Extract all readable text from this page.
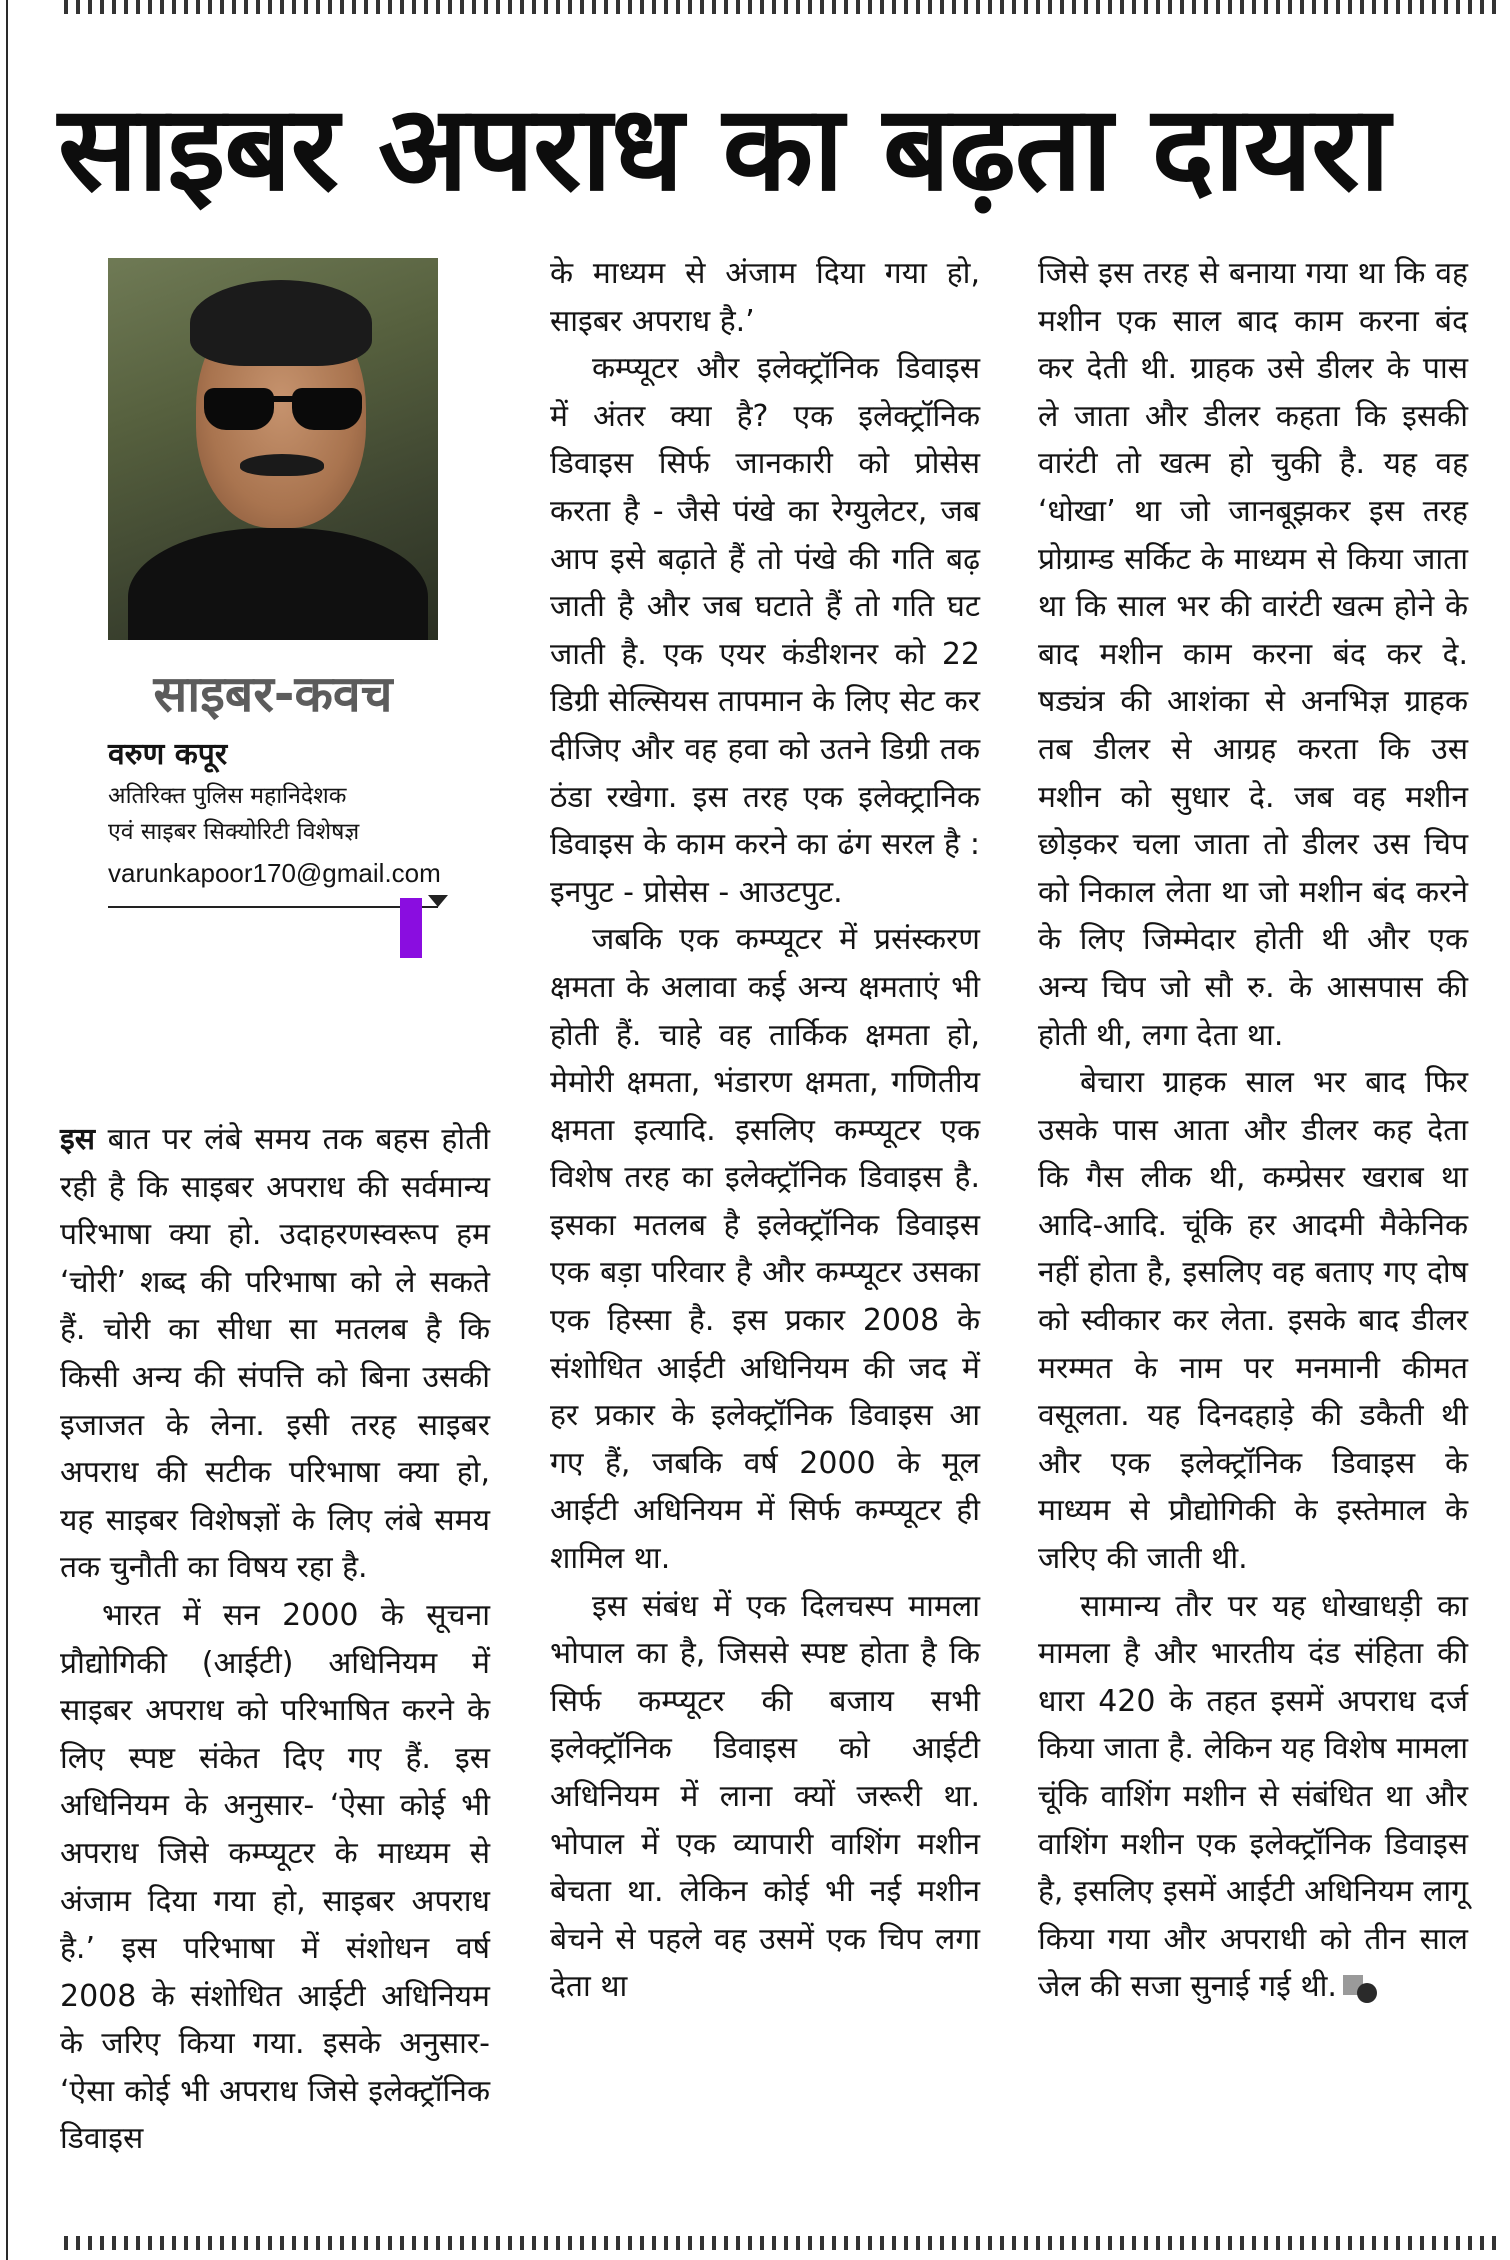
साइबर अपराध का बढ़ता दायरा
साइबर-कवच
वरुण कपूर
अतिरिक्त पुलिस महानिदेशक
एवं साइबर सिक्योरिटी विशेषज्ञ
varunkapoor170@gmail.com

इस बात पर लंबे समय तक बहस होती रही है कि साइबर अपराध की सर्वमान्य परिभाषा क्या हो. उदाहरणस्वरूप हम ‘चोरी’ शब्द की परिभाषा को ले सकते हैं. चोरी का सीधा सा मतलब है कि किसी अन्य की संपत्ति को बिना उसकी इजाजत के लेना. इसी तरह साइबर अपराध की सटीक परिभाषा क्या हो, यह साइबर विशेषज्ञों के लिए लंबे समय तक चुनौती का विषय रहा है.

भारत में सन 2000 के सूचना प्रौद्योगिकी (आईटी) अधिनियम में साइबर अपराध को परिभाषित करने के लिए स्पष्ट संकेत दिए गए हैं. इस अधिनियम के अनुसार- ‘ऐसा कोई भी अपराध जिसे कम्प्यूटर के माध्यम से अंजाम दिया गया हो, साइबर अपराध है.’ इस परिभाषा में संशोधन वर्ष 2008 के संशोधित आईटी अधिनियम के जरिए किया गया. इसके अनुसार- ‘ऐसा कोई भी अपराध जिसे इलेक्ट्रॉनिक डिवाइस

के माध्यम से अंजाम दिया गया हो, साइबर अपराध है.’

कम्प्यूटर और इलेक्ट्रॉनिक डिवाइस में अंतर क्या है? एक इलेक्ट्रॉनिक डिवाइस सिर्फ जानकारी को प्रोसेस करता है - जैसे पंखे का रेग्युलेटर, जब आप इसे बढ़ाते हैं तो पंखे की गति बढ़ जाती है और जब घटाते हैं तो गति घट जाती है. एक एयर कंडीशनर को 22 डिग्री सेल्सियस तापमान के लिए सेट कर दीजिए और वह हवा को उतने डिग्री तक ठंडा रखेगा. इस तरह एक इलेक्ट्रानिक डिवाइस के काम करने का ढंग सरल है : इनपुट - प्रोसेस - आउटपुट.

जबकि एक कम्प्यूटर में प्रसंस्करण क्षमता के अलावा कई अन्य क्षमताएं भी होती हैं. चाहे वह तार्किक क्षमता हो, मेमोरी क्षमता, भंडारण क्षमता, गणितीय क्षमता इत्यादि. इसलिए कम्प्यूटर एक विशेष तरह का इलेक्ट्रॉनिक डिवाइस है. इसका मतलब है इलेक्ट्रॉनिक डिवाइस एक बड़ा परिवार है और कम्प्यूटर उसका एक हिस्सा है. इस प्रकार 2008 के संशोधित आईटी अधिनियम की जद में हर प्रकार के इलेक्ट्रॉनिक डिवाइस आ गए हैं, जबकि वर्ष 2000 के मूल आईटी अधिनियम में सिर्फ कम्प्यूटर ही शामिल था.

इस संबंध में एक दिलचस्प मामला भोपाल का है, जिससे स्पष्ट होता है कि सिर्फ कम्प्यूटर की बजाय सभी इलेक्ट्रॉनिक डिवाइस को आईटी अधिनियम में लाना क्यों जरूरी था. भोपाल में एक व्यापारी वाशिंग मशीन बेचता था. लेकिन कोई भी नई मशीन बेचने से पहले वह उसमें एक चिप लगा देता था

जिसे इस तरह से बनाया गया था कि वह मशीन एक साल बाद काम करना बंद कर देती थी. ग्राहक उसे डीलर के पास ले जाता और डीलर कहता कि इसकी वारंटी तो खत्म हो चुकी है. यह वह ‘धोखा’ था जो जानबूझकर इस तरह प्रोग्राम्ड सर्किट के माध्यम से किया जाता था कि साल भर की वारंटी खत्म होने के बाद मशीन काम करना बंद कर दे. षड्यंत्र की आशंका से अनभिज्ञ ग्राहक तब डीलर से आग्रह करता कि उस मशीन को सुधार दे. जब वह मशीन छोड़कर चला जाता तो डीलर उस चिप को निकाल लेता था जो मशीन बंद करने के लिए जिम्मेदार होती थी और एक अन्य चिप जो सौ रु. के आसपास की होती थी, लगा देता था.

बेचारा ग्राहक साल भर बाद फिर उसके पास आता और डीलर कह देता कि गैस लीक थी, कम्प्रेसर खराब था आदि-आदि. चूंकि हर आदमी मैकेनिक नहीं होता है, इसलिए वह बताए गए दोष को स्वीकार कर लेता. इसके बाद डीलर मरम्मत के नाम पर मनमानी कीमत वसूलता. यह दिनदहाड़े की डकैती थी और एक इलेक्ट्रॉनिक डिवाइस के माध्यम से प्रौद्योगिकी के इस्तेमाल के जरिए की जाती थी.

सामान्य तौर पर यह धोखाधड़ी का मामला है और भारतीय दंड संहिता की धारा 420 के तहत इसमें अपराध दर्ज किया जाता है. लेकिन यह विशेष मामला चूंकि वाशिंग मशीन से संबंधित था और वाशिंग मशीन एक इलेक्ट्रॉनिक डिवाइस है, इसलिए इसमें आईटी अधिनियम लागू किया गया और अपराधी को तीन साल जेल की सजा सुनाई गई थी.
